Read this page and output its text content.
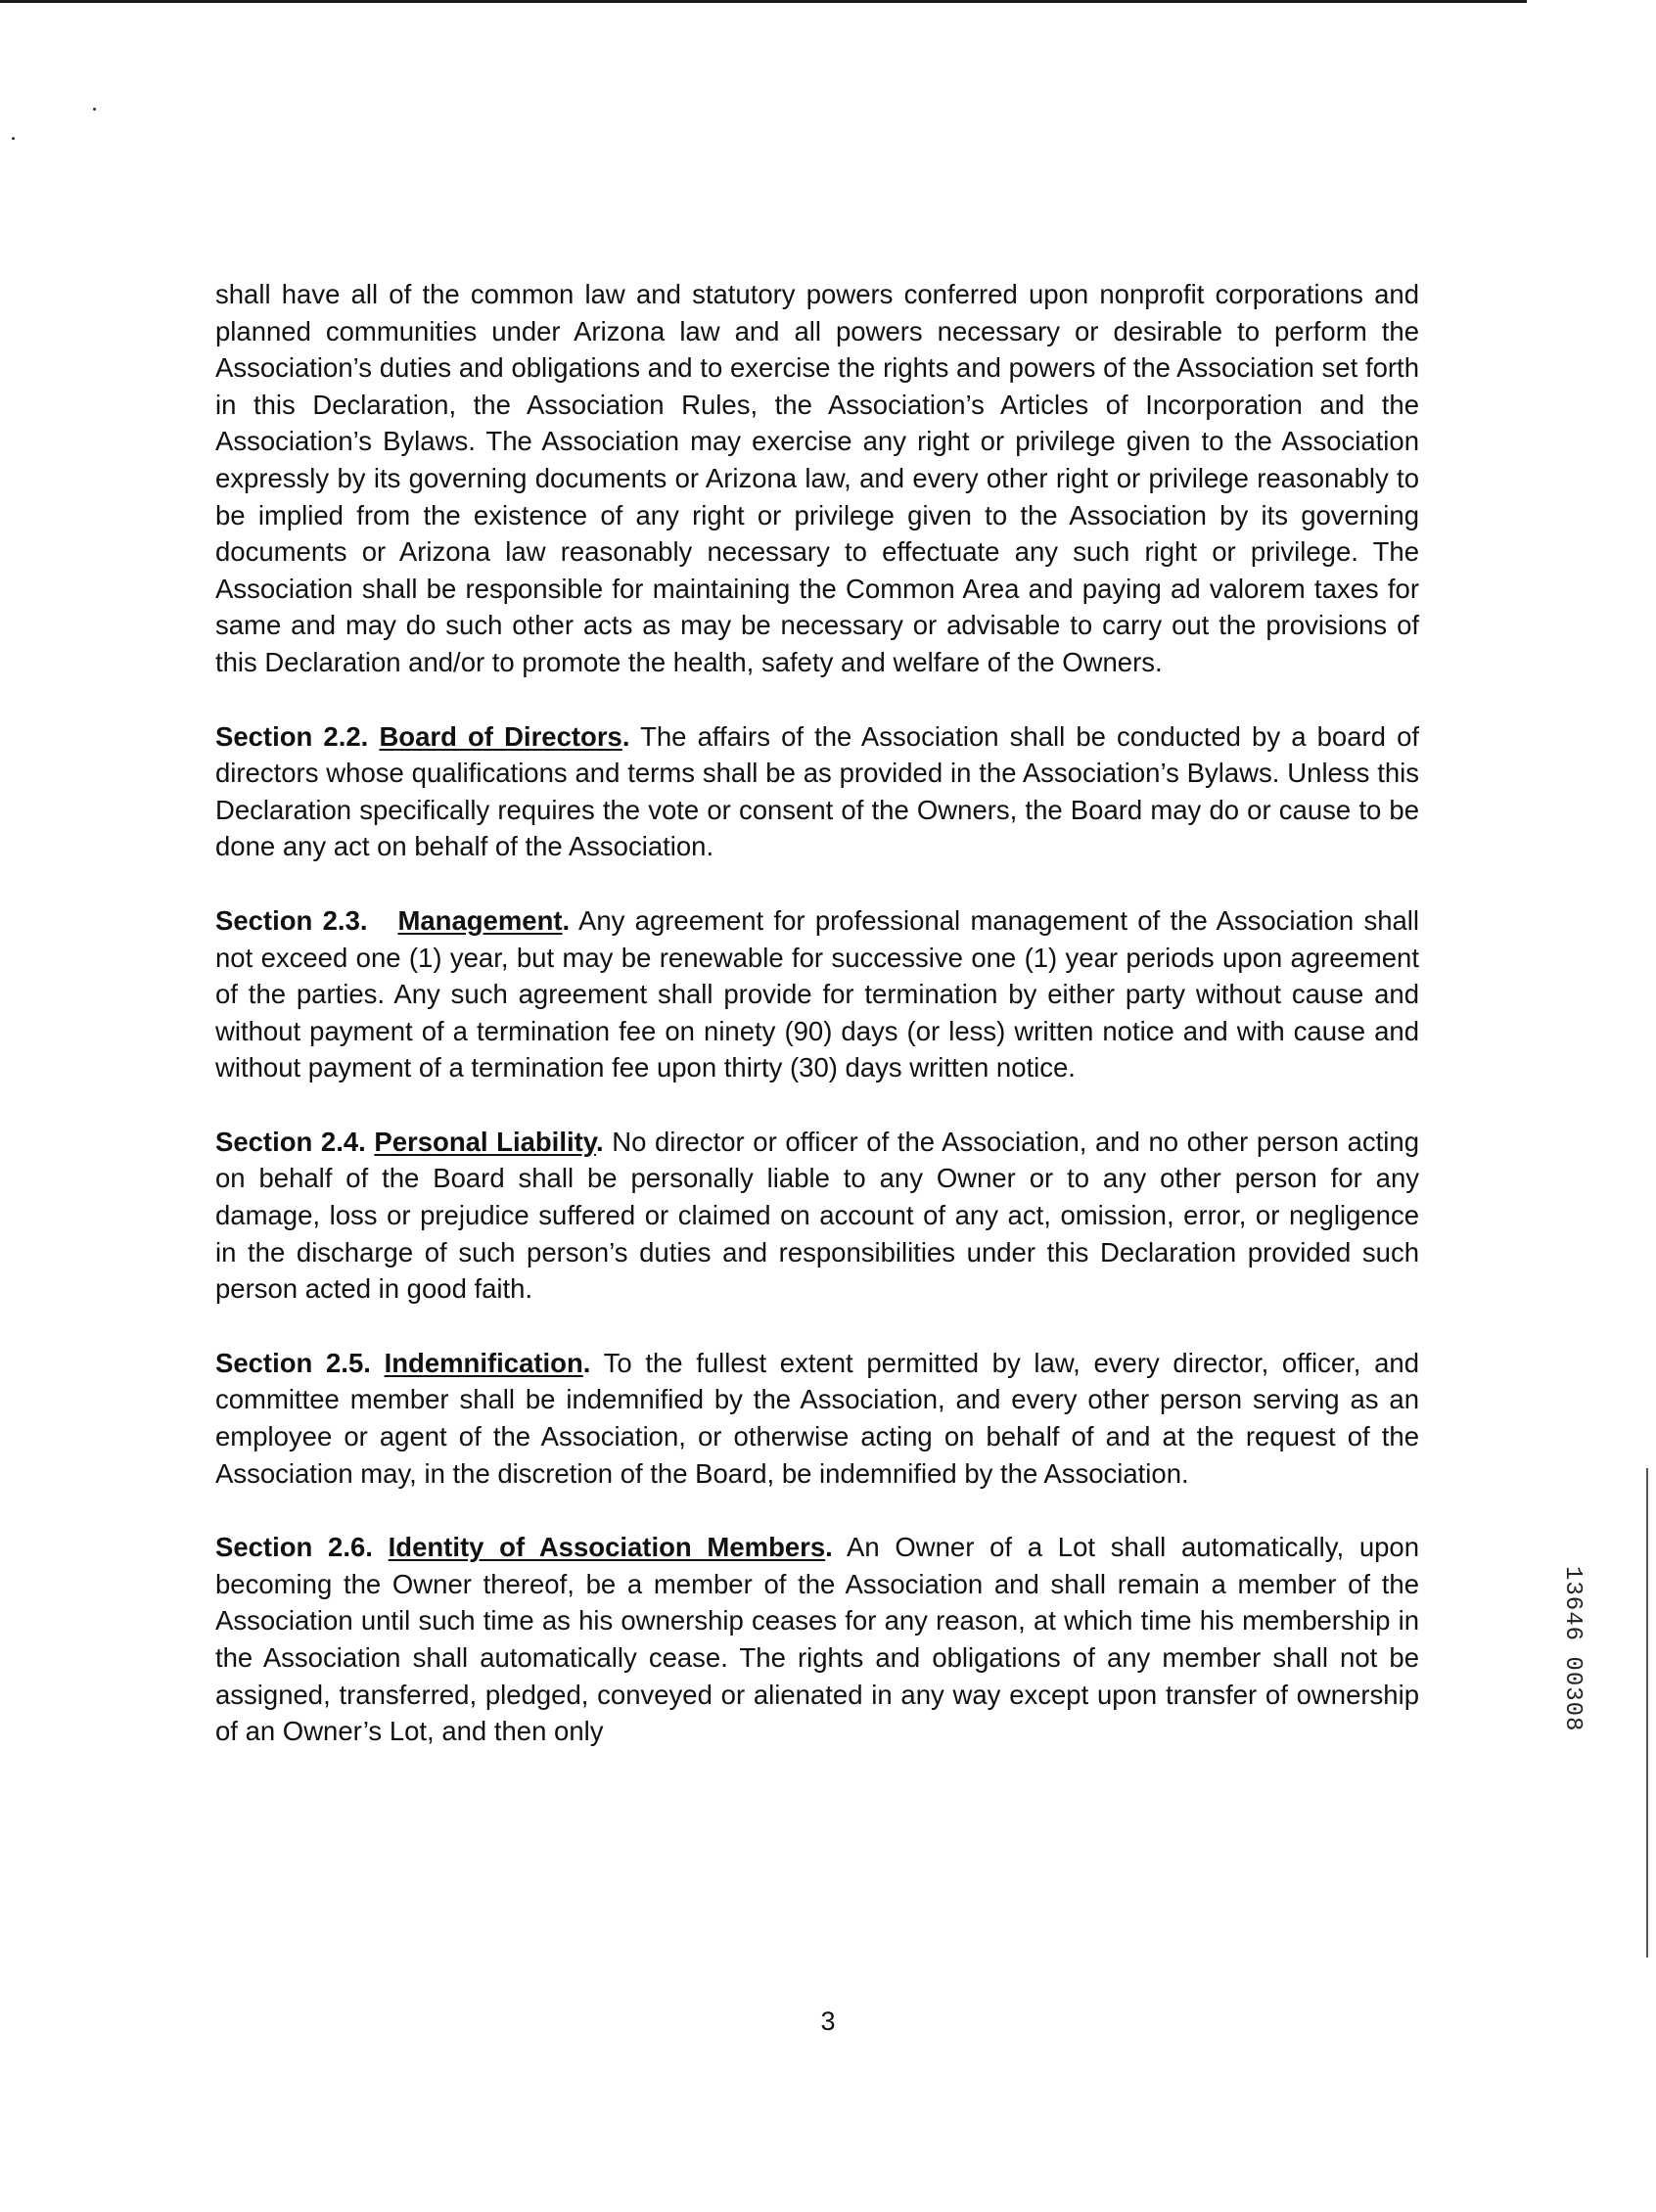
shall have all of the common law and statutory powers conferred upon nonprofit corporations and planned communities under Arizona law and all powers necessary or desirable to perform the Association’s duties and obligations and to exercise the rights and powers of the Association set forth in this Declaration, the Association Rules, the Association’s Articles of Incorporation and the Association’s Bylaws. The Association may exercise any right or privilege given to the Association expressly by its governing documents or Arizona law, and every other right or privilege reasonably to be implied from the existence of any right or privilege given to the Association by its governing documents or Arizona law reasonably necessary to effectuate any such right or privilege. The Association shall be responsible for maintaining the Common Area and paying ad valorem taxes for same and may do such other acts as may be necessary or advisable to carry out the provisions of this Declaration and/or to promote the health, safety and welfare of the Owners.

Section 2.2. Board of Directors. The affairs of the Association shall be conducted by a board of directors whose qualifications and terms shall be as provided in the Association’s Bylaws. Unless this Declaration specifically requires the vote or consent of the Owners, the Board may do or cause to be done any act on behalf of the Association.

Section 2.3. Management. Any agreement for professional management of the Association shall not exceed one (1) year, but may be renewable for successive one (1) year periods upon agreement of the parties. Any such agreement shall provide for termination by either party without cause and without payment of a termination fee on ninety (90) days (or less) written notice and with cause and without payment of a termination fee upon thirty (30) days written notice.

Section 2.4. Personal Liability. No director or officer of the Association, and no other person acting on behalf of the Board shall be personally liable to any Owner or to any other person for any damage, loss or prejudice suffered or claimed on account of any act, omission, error, or negligence in the discharge of such person’s duties and responsibilities under this Declaration provided such person acted in good faith.

Section 2.5. Indemnification. To the fullest extent permitted by law, every director, officer, and committee member shall be indemnified by the Association, and every other person serving as an employee or agent of the Association, or otherwise acting on behalf of and at the request of the Association may, in the discretion of the Board, be indemnified by the Association.

Section 2.6. Identity of Association Members. An Owner of a Lot shall automatically, upon becoming the Owner thereof, be a member of the Association and shall remain a member of the Association until such time as his ownership ceases for any reason, at which time his membership in the Association shall automatically cease. The rights and obligations of any member shall not be assigned, transferred, pledged, conveyed or alienated in any way except upon transfer of ownership of an Owner’s Lot, and then only

3
13646 00308
